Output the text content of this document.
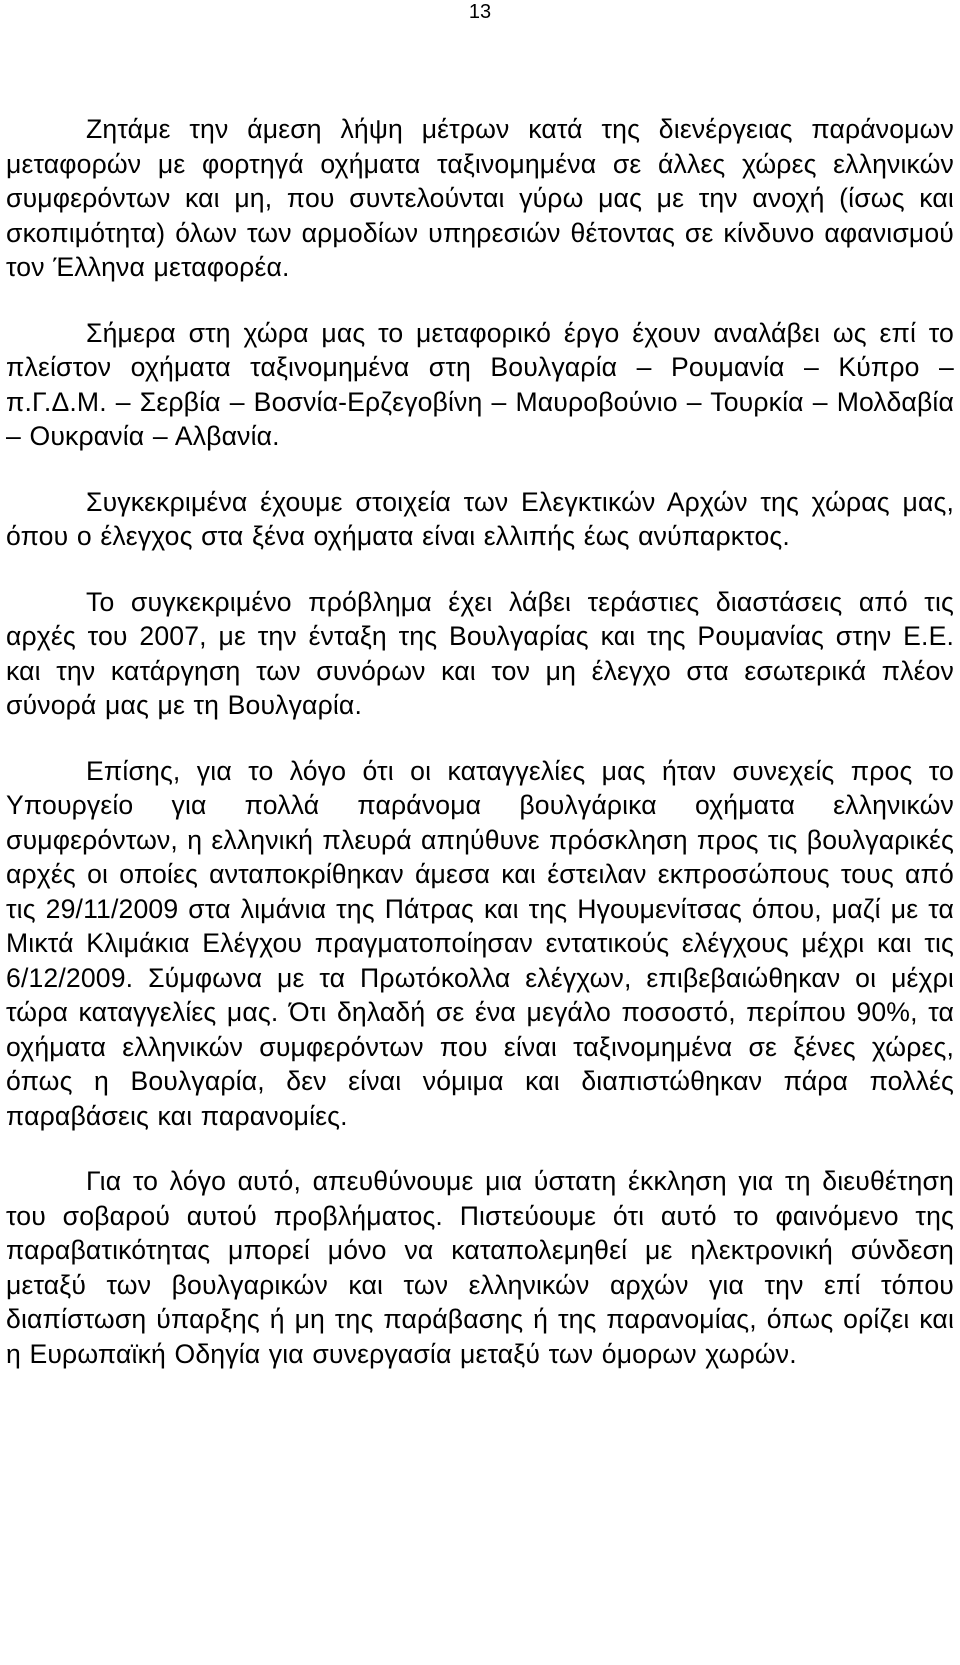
13

Ζητάμε την άμεση λήψη μέτρων κατά της διενέργειας παράνομων μεταφορών με φορτηγά οχήματα ταξινομημένα σε άλλες χώρες ελληνικών συμφερόντων και μη, που συντελούνται γύρω μας με την ανοχή (ίσως και σκοπιμότητα) όλων των αρμοδίων υπηρεσιών θέτοντας σε κίνδυνο αφανισμού τον Έλληνα μεταφορέα.

Σήμερα στη χώρα μας το μεταφορικό έργο έχουν αναλάβει ως επί το πλείστον οχήματα ταξινομημένα στη Βουλγαρία – Ρουμανία – Κύπρο – π.Γ.Δ.Μ. – Σερβία – Βοσνία-Ερζεγοβίνη – Μαυροβούνιο – Τουρκία – Μολδαβία – Ουκρανία – Αλβανία.

Συγκεκριμένα έχουμε στοιχεία των Ελεγκτικών Αρχών της χώρας μας, όπου ο έλεγχος στα ξένα οχήματα είναι ελλιπής έως ανύπαρκτος.

Το συγκεκριμένο πρόβλημα έχει λάβει τεράστιες διαστάσεις από τις αρχές του 2007, με την ένταξη της Βουλγαρίας και της Ρουμανίας στην Ε.Ε. και την κατάργηση των συνόρων και τον μη έλεγχο στα εσωτερικά πλέον σύνορά μας με τη Βουλγαρία.

Επίσης, για το λόγο ότι οι καταγγελίες μας ήταν συνεχείς προς το Υπουργείο για πολλά παράνομα βουλγάρικα οχήματα ελληνικών συμφερόντων, η ελληνική πλευρά απηύθυνε πρόσκληση προς τις βουλγαρικές αρχές οι οποίες ανταποκρίθηκαν άμεσα και έστειλαν εκπροσώπους τους από τις 29/11/2009 στα λιμάνια της Πάτρας και της Ηγουμενίτσας όπου, μαζί με τα Μικτά Κλιμάκια Ελέγχου πραγματοποίησαν εντατικούς ελέγχους μέχρι και τις 6/12/2009. Σύμφωνα με τα Πρωτόκολλα ελέγχων, επιβεβαιώθηκαν οι μέχρι τώρα καταγγελίες μας. Ότι δηλαδή σε ένα μεγάλο ποσοστό, περίπου 90%, τα οχήματα ελληνικών συμφερόντων που είναι ταξινομημένα σε ξένες χώρες, όπως η Βουλγαρία, δεν είναι νόμιμα και διαπιστώθηκαν πάρα πολλές παραβάσεις και παρανομίες.

Για το λόγο αυτό, απευθύνουμε μια ύστατη έκκληση για τη διευθέτηση του σοβαρού αυτού προβλήματος. Πιστεύουμε ότι αυτό το φαινόμενο της παραβατικότητας μπορεί μόνο να καταπολεμηθεί με ηλεκτρονική σύνδεση μεταξύ των βουλγαρικών και των ελληνικών αρχών για την επί τόπου διαπίστωση ύπαρξης ή μη της παράβασης ή της παρανομίας, όπως ορίζει και η Ευρωπαϊκή Οδηγία για συνεργασία μεταξύ των όμορων χωρών.
